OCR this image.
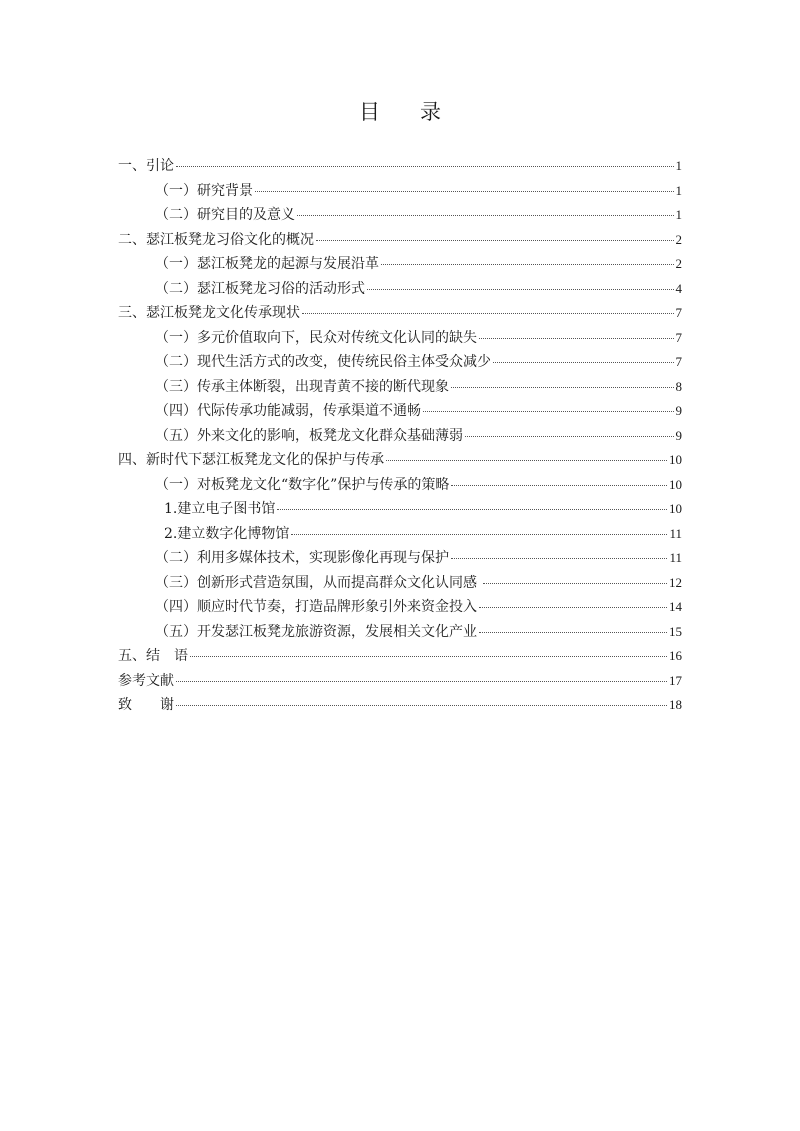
目 录
一、引论	1
（一）研究背景	1
（二）研究目的及意义	1
二、瑟江板凳龙习俗文化的概况	2
（一）瑟江板凳龙的起源与发展沿革	2
（二）瑟江板凳龙习俗的活动形式	4
三、瑟江板凳龙文化传承现状	7
（一）多元价值取向下，民众对传统文化认同的缺失	7
（二）现代生活方式的改变，使传统民俗主体受众减少	7
（三）传承主体断裂，出现青黄不接的断代现象	8
（四）代际传承功能减弱，传承渠道不通畅	9
（五）外来文化的影响，板凳龙文化群众基础薄弱	9
四、新时代下瑟江板凳龙文化的保护与传承	10
（一）对板凳龙文化“数字化”保护与传承的策略	10
1.建立电子图书馆	10
2.建立数字化博物馆	11
（二）利用多媒体技术，实现影像化再现与保护	11
（三）创新形式营造氛围，从而提高群众文化认同感	12
（四）顺应时代节奏，打造品牌形象引外来资金投入	14
（五）开发瑟江板凳龙旅游资源，发展相关文化产业	15
五、结　语	16
参考文献	17
致　　谢	18
